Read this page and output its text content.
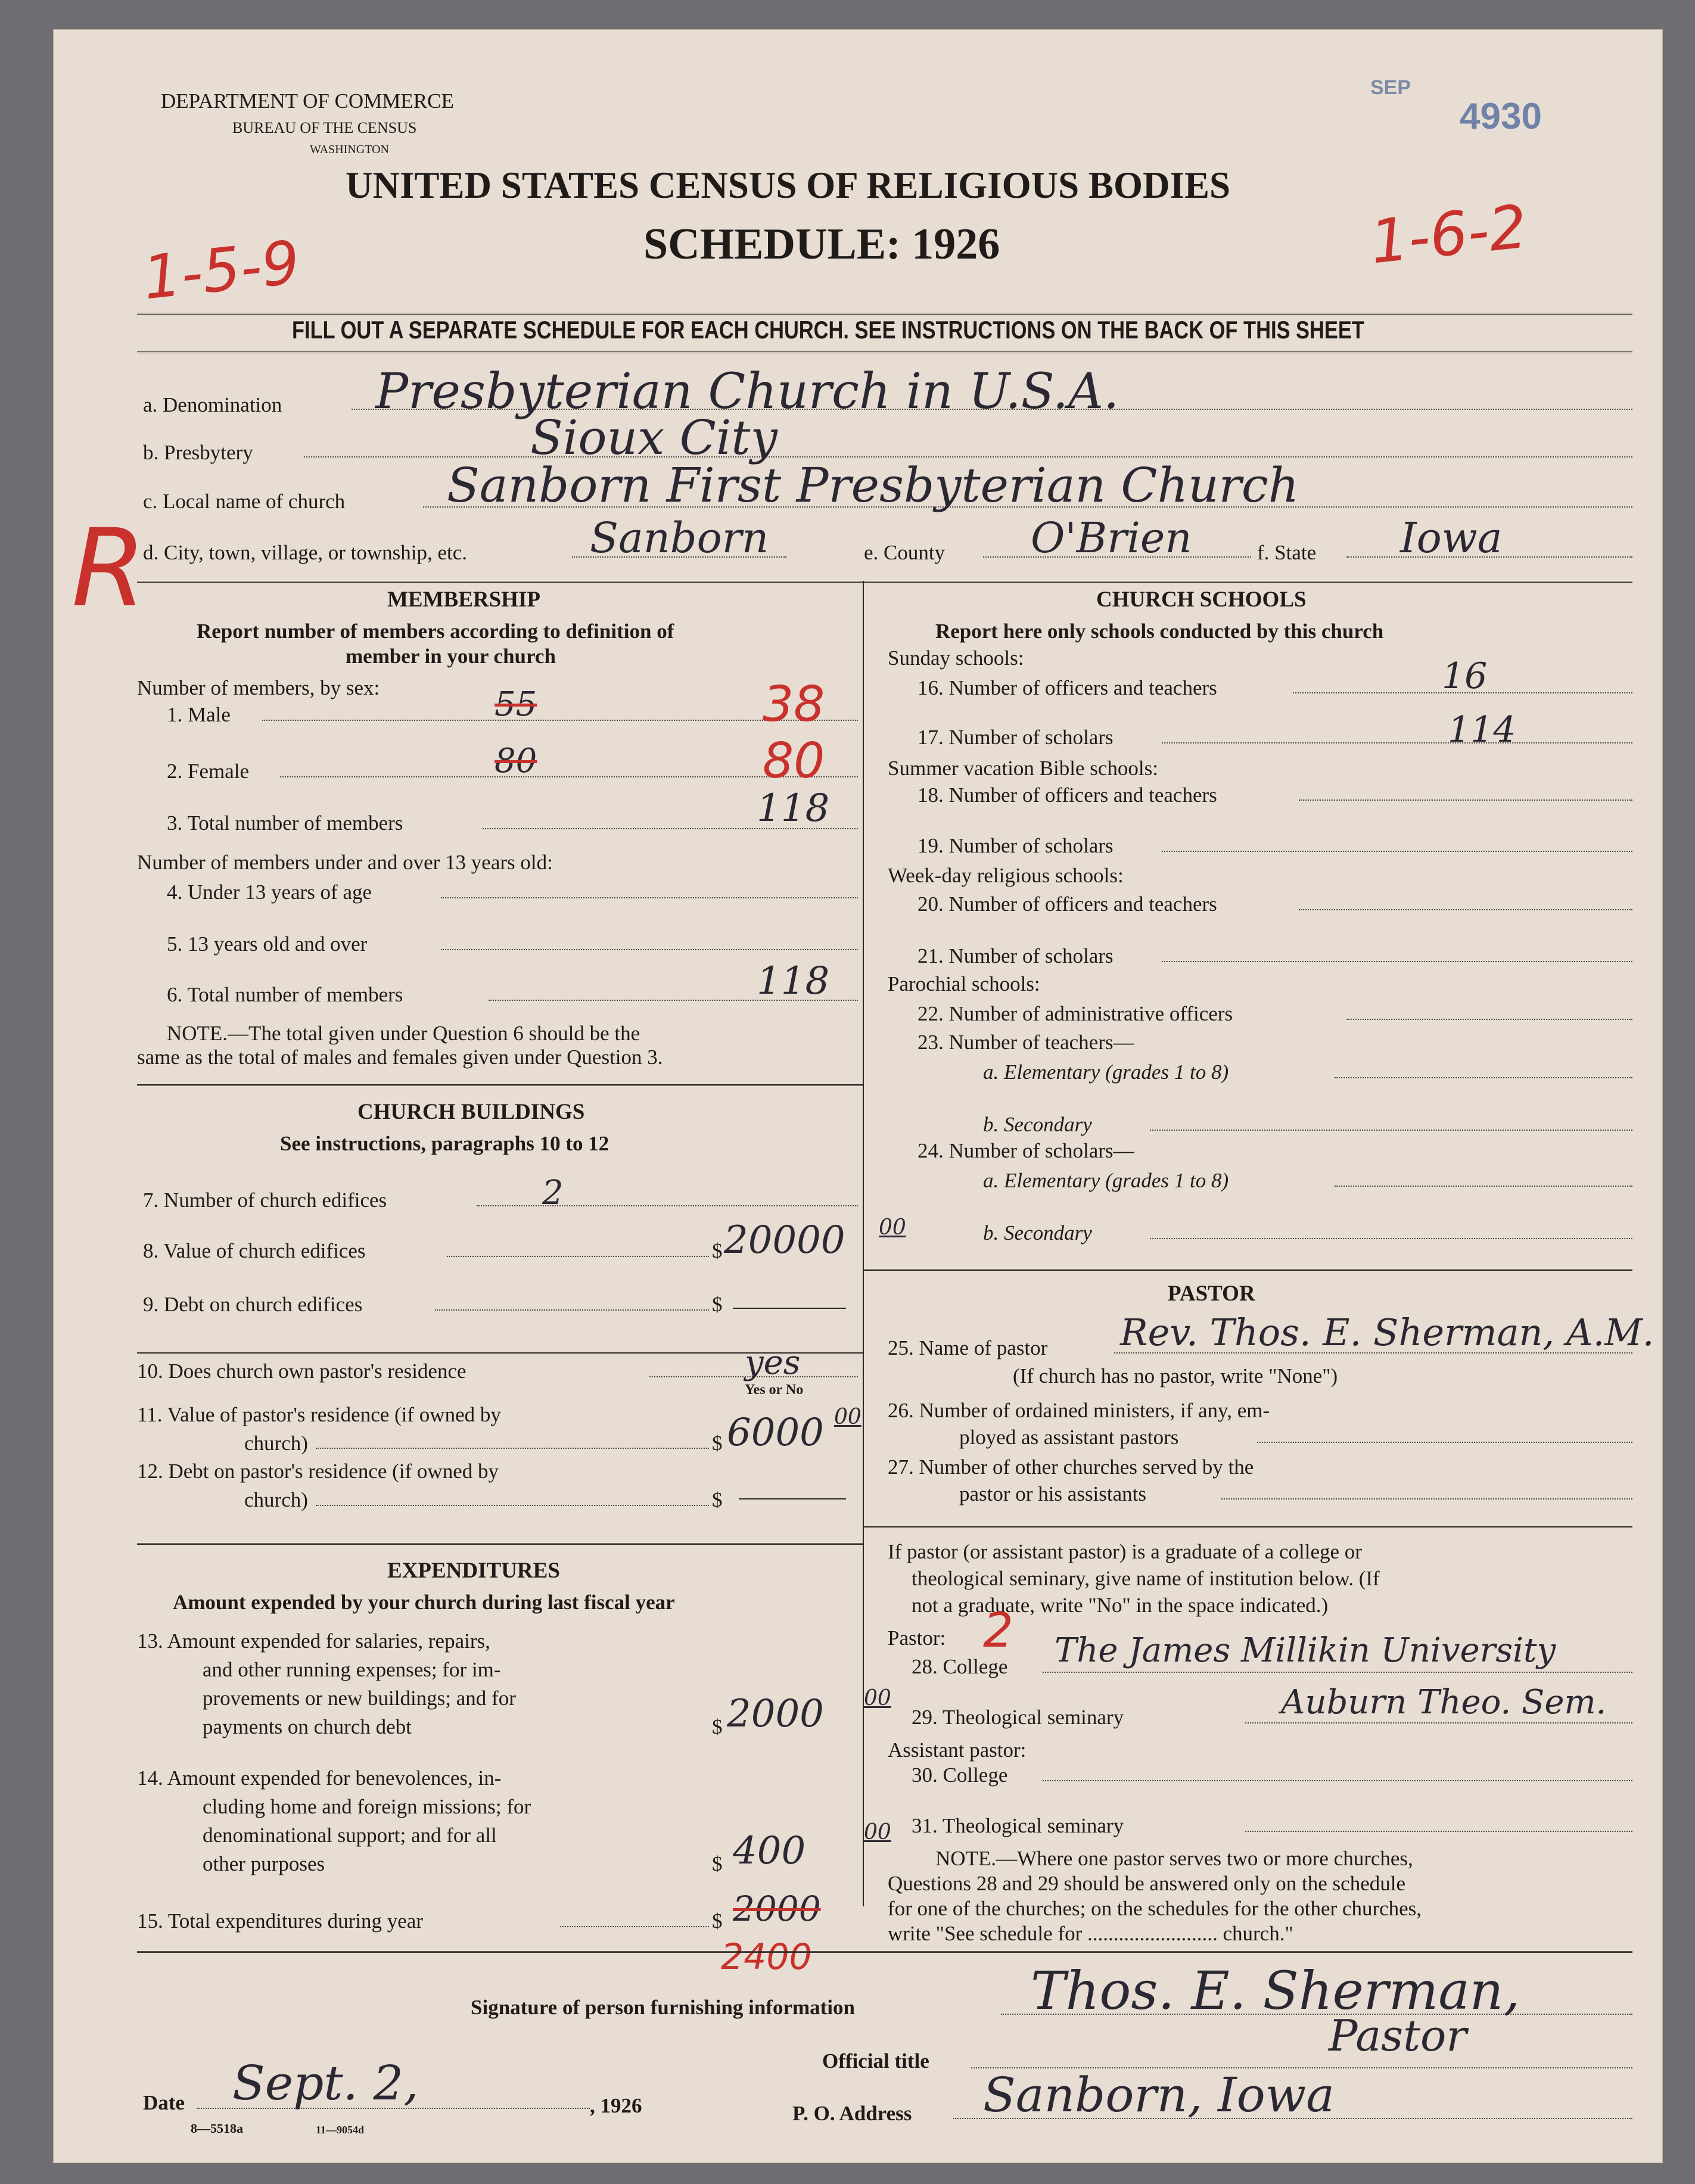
DEPARTMENT OF COMMERCE
BUREAU OF THE CENSUS
WASHINGTON
UNITED STATES CENSUS OF RELIGIOUS BODIES
SCHEDULE: 1926
SEP
4930
1-5-9	1-6-2
R
FILL OUT A SEPARATE SCHEDULE FOR EACH CHURCH. SEE INSTRUCTIONS ON THE BACK OF THIS SHEET
a. Denomination Presbyterian Church in U.S.A.
b. Presbytery	Sioux City
c. Local name of church Sanborn First Presbyterian Church
d. City, town, village, or township, etc.	Sanborn	e. County O'Brien	f. State Iowa
MEMBERSHIP
Report number of members according to definition of
member in your church
Number of members, by sex:
1. Male	55	38
2. Female	80	80
3. Total number of members	118
Number of members under and over 13 years old:
4. Under 13 years of age
5. 13 years old and over
6. Total number of members	118
NOTE.—The total given under Question 6 should be the
same as the total of males and females given under Question 3.
CHURCH BUILDINGS
See instructions, paragraphs 10 to 12
7. Number of church edifices	2
8. Value of church edifices	$ 20000 00
9. Debt on church edifices	$
10. Does church own pastor's residence	yes
Yes or No
11. Value of pastor's residence (if owned by
church)	$ 6000 00
12. Debt on pastor's residence (if owned by
church)	$
EXPENDITURES
Amount expended by your church during last fiscal year
13. Amount expended for salaries, repairs,
and other running expenses; for im-
provements or new buildings; and for
payments on church debt	$ 2000 00
14. Amount expended for benevolences, in-
cluding home and foreign missions; for
denominational support; and for all
other purposes	$ 400	00
15. Total expenditures during year	$ 2000
2400
CHURCH SCHOOLS
Report here only schools conducted by this church
Sunday schools:
16. Number of officers and teachers	16
17. Number of scholars	114
Summer vacation Bible schools:
18. Number of officers and teachers
19. Number of scholars
Week-day religious schools:
20. Number of officers and teachers
21. Number of scholars
Parochial schools:
22. Number of administrative officers
23. Number of teachers—
a. Elementary (grades 1 to 8)
b. Secondary
24. Number of scholars—
a. Elementary (grades 1 to 8)
b. Secondary
PASTOR
25. Name of pastor Rev. Thos. E. Sherman, A.M.
(If church has no pastor, write "None")
26. Number of ordained ministers, if any, em-
ployed as assistant pastors
27. Number of other churches served by the
pastor or his assistants
If pastor (or assistant pastor) is a graduate of a college or
theological seminary, give name of institution below. (If
not a graduate, write "No" in the space indicated.)
Pastor: 2
28. College The James Millikin University
29. Theological seminary	Auburn Theo. Sem.
Assistant pastor:
30. College
31. Theological seminary
NOTE.—Where one pastor serves two or more churches,
Questions 28 and 29 should be answered only on the schedule
for one of the churches; on the schedules for the other churches,
write "See schedule for ......................... church."
Signature of person furnishing information	Thos. E. Sherman,
Official title
Pastor
Date Sept. 2,	, 1926	P. O. Address Sanborn, Iowa
8—5518a	11—9054d
